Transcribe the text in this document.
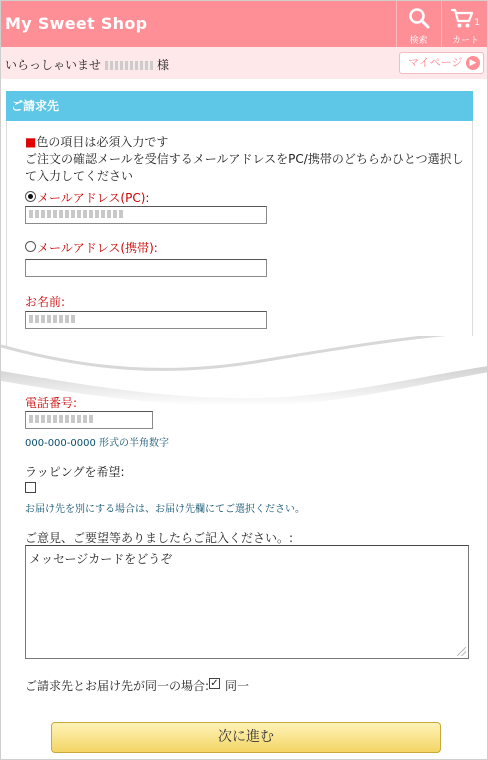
My Sweet Shop
検索
1
カート
いらっしゃいませ	様	マイページ ▶
ご請求先
■色の項目は必須入力です
ご注文の確認メールを受信するメールアドレスをPC/携帯のどちらかひとつ選択して入力してください
メールアドレス(PC):
メールアドレス(携帯):
お名前:
電話番号:
000-000-0000 形式の半角数字
ラッピングを希望:
お届け先を別にする場合は、お届け先欄にてご選択ください。
ご意見、ご要望等ありましたらご記入ください。:
メッセージカードをどうぞ
ご請求先とお届け先が同一の場合: ✓ 同一
次に進む
